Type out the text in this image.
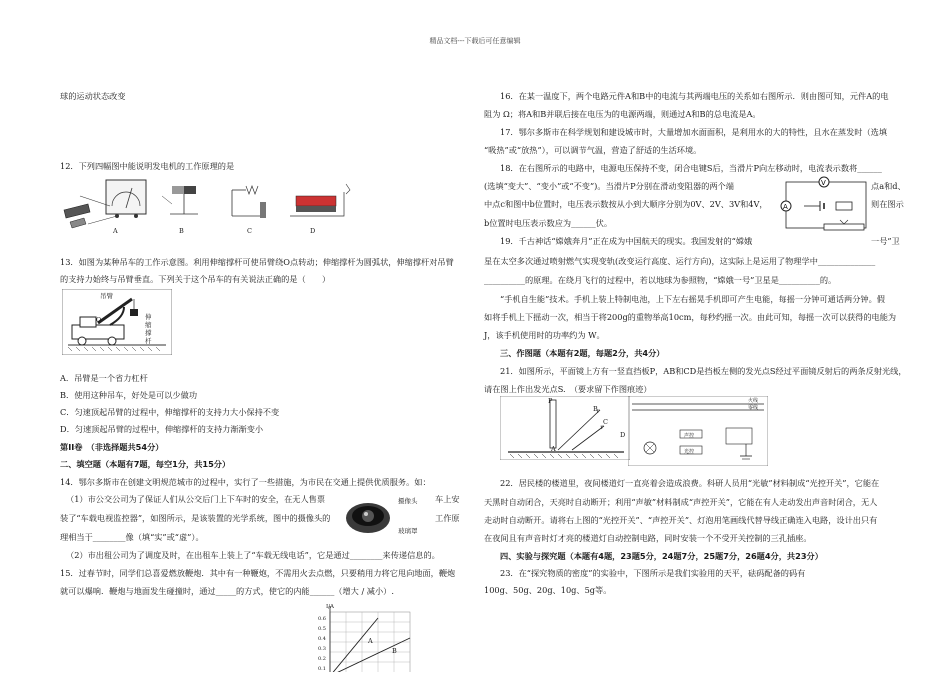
精品文档---下载后可任意编辑
球的运动状态改变
12．下列四幅图中能说明发电机的工作原理的是
A	B	C	D
13．如图为某种吊车的工作示意图。利用伸缩撑杆可使吊臂绕O点转动；伸缩撑杆为圆弧状，伸缩撑杆对吊臂
的支持力始终与吊臂垂直。下列关于这个吊车的有关说法正确的是（　　）
吊臂
O	伸缩撑杆
A．吊臂是一个省力杠杆
B．使用这种吊车，好处是可以少做功
C．匀速顶起吊臂的过程中，伸缩撑杆的支持力大小保持不变
D．匀速顶起吊臂的过程中，伸缩撑杆的支持力渐渐变小
第II卷　（非选择题共54分）
二、填空题（本题有7题，每空1分，共15分）
14．鄂尔多斯市在创建文明规范城市的过程中，实行了一些措施，为市民在交通上提供优质服务。如：
（1）市公交公司为了保证人们从公交后门上下车时的安全，在无人售票	车上安
装了“车载电视监控器”，如图所示，是该装置的光学系统，图中的摄像头的	工作原
理相当于________像（填“实”或“虚”）。
摄像头
玻璃罩
（2）市出租公司为了调度及时，在出租车上装上了“车载无线电话”，它是通过________来传递信息的。
15．过春节时，同学们总喜爱燃放鞭炮．其中有一种鞭炮，不需用火去点燃，只要稍用力将它甩向地面，鞭炮
就可以爆响．鞭炮与地面发生碰撞时，通过_____的方式，使它的内能______（增大 / 减小）.
I/A
0.6
0.5
0.4
0.3
0.2
0.1
A
B
16．在某一温度下，两个电路元件A和B中的电流与其两端电压的关系如右图所示．则由图可知，元件A的电
阻为 Ω；将A和B并联后接在电压为的电源两端，则通过A和B的总电流是A。
17．鄂尔多斯市在科学规划和建设城市时，大量增加水面面积，是利用水的大的特性，且水在蒸发时（选填
“吸热”或“放热”），可以调节气温，营造了舒适的生活环境。
18．在右图所示的电路中，电源电压保持不变，闭合电键S后，当滑片P向左移动时，电流表示数将______
(选填“变大”、“变小”或“不变”)。当滑片P分别在滑动变阻器的两个端	点a和d、
中点c和图中b位置时，电压表示数按从小到大顺序分别为0V、2V、3V和4V，	则在图示
b位置时电压表示数应为______伏。
V
A
19．千古神话“嫦娥奔月”正在成为中国航天的现实。我国发射的“嫦娥	一号”卫
星在太空多次通过喷射燃气实现变轨(改变运行高度、运行方向)，这实际上是运用了物理学中______________
__________的原理。在绕月飞行的过程中，若以地球为参照物，“嫦娥一号”卫星是__________的。
“手机自生能”技术。手机上装上特制电池，上下左右摇晃手机即可产生电能，每摇一分钟可通话两分钟。假
如将手机上下摇动一次，相当于将200g的重物举高10cm，每秒约摇一次。由此可知，每摇一次可以获得的电能为
J，该手机使用时的功率约为 W。
三、作图题（本题有2题，每题2分，共4分）
21．如图所示，平面镜上方有一竖直挡板P，AB和CD是挡板左侧的发光点S经过平面镜反射后的两条反射光线，
请在图上作出发光点S.　（要求留下作图痕迹）
P
B
A
C
D
火线
零线
声控
光控
22．居民楼的楼道里，夜间楼道灯一直亮着会造成浪费。科研人员用“光敏”材料制成“光控开关”，它能在
天黑时自动闭合，天亮时自动断开；利用“声敏”材料制成“声控开关”，它能在有人走动发出声音时闭合，无人
走动时自动断开。请将右上图的“光控开关”、“声控开关”、灯泡用笔画线代替导线正确连入电路，设计出只有
在夜间且有声音时灯才亮的楼道灯自动控制电路，同时安装一个不受开关控制的三孔插座。
四、实验与探究题（本题有4题，23题5分，24题7分，25题7分，26题4分，共23分）
23．在“探究物质的密度”的实验中，下图所示是我们实验用的天平，砝码配备的码有
100g、50g、20g、10g、5g等。
